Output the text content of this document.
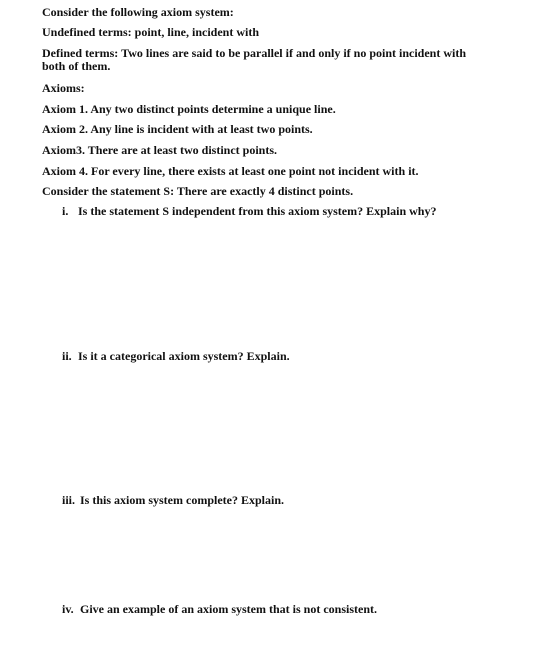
Consider the following axiom system:
Undefined terms: point, line, incident with
Defined terms: Two lines are said to be parallel if and only if no point incident with both of them.
Axioms:
Axiom 1. Any two distinct points determine a unique line.
Axiom 2. Any line is incident with at least two points.
Axiom3. There are at least two distinct points.
Axiom 4. For every line, there exists at least one point not incident with it.
Consider the statement S: There are exactly 4 distinct points.
i. Is the statement S independent from this axiom system? Explain why?
ii. Is it a categorical axiom system? Explain.
iii. Is this axiom system complete? Explain.
iv. Give an example of an axiom system that is not consistent.
